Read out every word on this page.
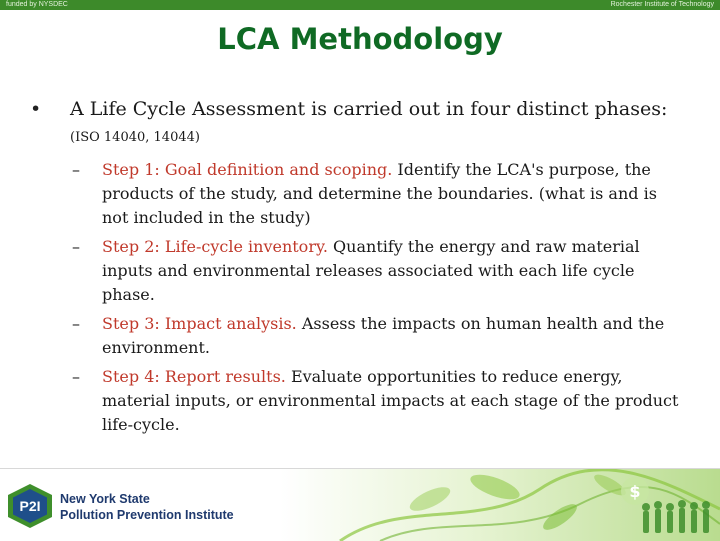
funded by NYSDEC	Rochester Institute of Technology
LCA Methodology
• A Life Cycle Assessment is carried out in four distinct phases: (ISO 14040, 14044)
– Step 1: Goal definition and scoping. Identify the LCA's purpose, the products of the study, and determine the boundaries. (what is and is not included in the study)
– Step 2: Life-cycle inventory. Quantify the energy and raw material inputs and environmental releases associated with each life cycle phase.
– Step 3: Impact analysis. Assess the impacts on human health and the environment.
– Step 4: Report results. Evaluate opportunities to reduce energy, material inputs, or environmental impacts at each stage of the product life-cycle.
P2I New York State
Pollution Prevention Institute
$
